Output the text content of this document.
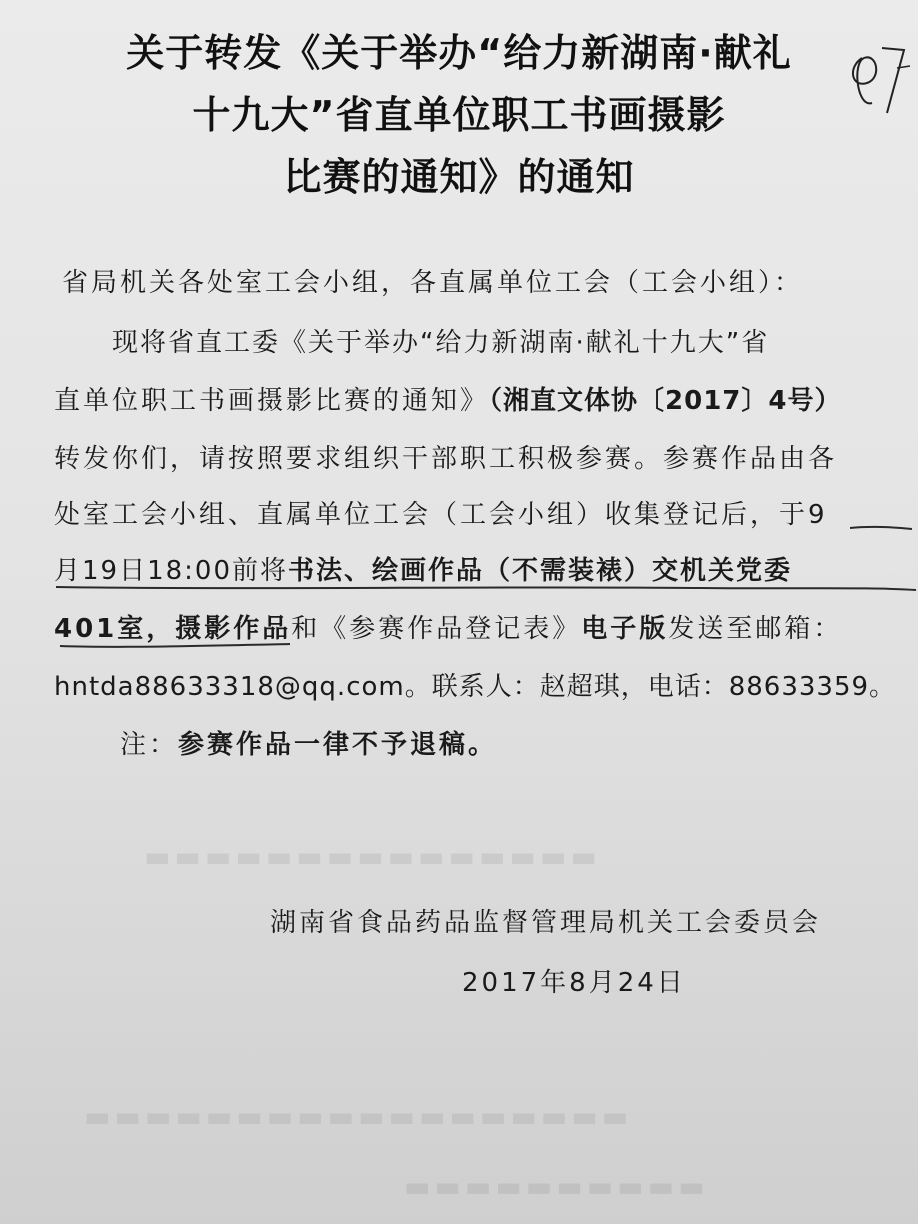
▬▬▬▬▬▬▬▬▬▬▬▬▬▬▬
▬▬▬▬▬▬▬▬▬▬▬▬▬▬▬▬▬▬
▬▬▬▬▬▬▬▬▬▬
关于转发《关于举办“给力新湖南·献礼
十九大”省直单位职工书画摄影
比赛的通知》的通知
省局机关各处室工会小组，各直属单位工会（工会小组）：
现将省直工委《关于举办“给力新湖南·献礼十九大”省
直单位职工书画摄影比赛的通知》（湘直文体协〔2017〕4号）
转发你们，请按照要求组织干部职工积极参赛。参赛作品由各
处室工会小组、直属单位工会（工会小组）收集登记后，于9
月19日18:00前将书法、绘画作品（不需装裱）交机关党委
401室，摄影作品和《参赛作品登记表》电子版发送至邮箱：
hntda88633318@qq.com。联系人：赵超琪，电话：88633359。
注：参赛作品一律不予退稿。
湖南省食品药品监督管理局机关工会委员会
2017年8月24日
